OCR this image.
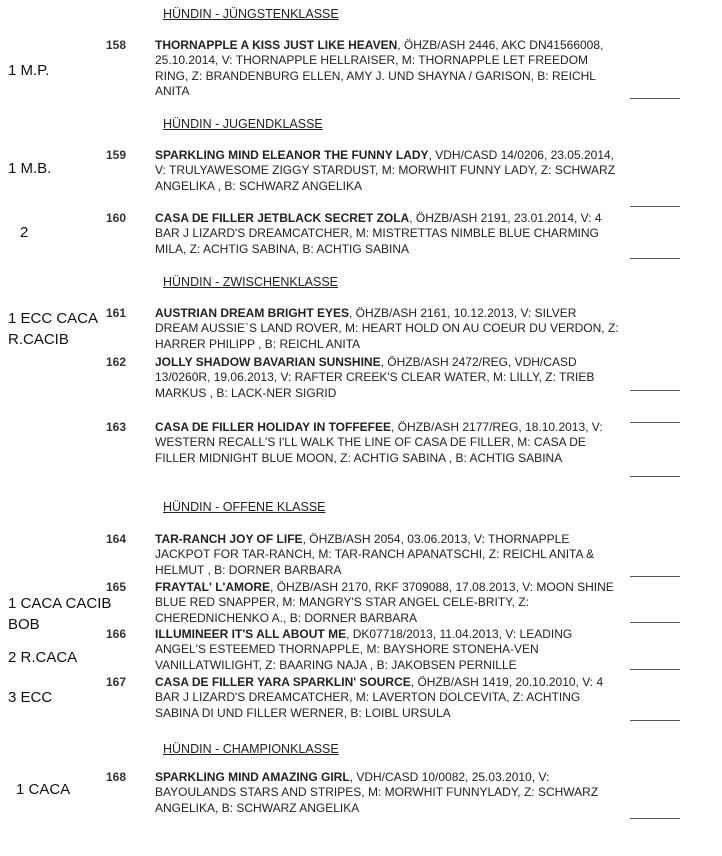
HÜNDIN - JÜNGSTENKLASSE
158 THORNAPPLE A KISS JUST LIKE HEAVEN, ÖHZB/ASH 2446, AKC DN41566008, 25.10.2014, V: THORNAPPLE HELLRAISER, M: THORNAPPLE LET FREEDOM RING, Z: BRANDENBURG ELLEN, AMY J. UND SHAYNA / GARISON, B: REICHL ANITA
1 M.P.
HÜNDIN - JUGENDKLASSE
159 SPARKLING MIND ELEANOR THE FUNNY LADY, VDH/CASD 14/0206, 23.05.2014, V: TRULYAWESOME ZIGGY STARDUST, M: MORWHIT FUNNY LADY, Z: SCHWARZ ANGELIKA , B: SCHWARZ ANGELIKA
1 M.B.
160 CASA DE FILLER JETBLACK SECRET ZOLA, ÖHZB/ASH 2191, 23.01.2014, V: 4 BAR J LIZARD'S DREAMCATCHER, M: MISTRETTAS NIMBLE BLUE CHARMING MILA, Z: ACHTIG SABINA, B: ACHTIG SABINA
2
HÜNDIN - ZWISCHENKLASSE
161 AUSTRIAN DREAM BRIGHT EYES, ÖHZB/ASH 2161, 10.12.2013, V: SILVER DREAM AUSSIE`S LAND ROVER, M: HEART HOLD ON AU COEUR DU VERDON, Z: HARRER PHILIPP , B: REICHL ANITA
1 ECC CACA R.CACIB
162 JOLLY SHADOW BAVARIAN SUNSHINE, ÖHZB/ASH 2472/REG, VDH/CASD 13/0260R, 19.06.2013, V: RAFTER CREEK'S CLEAR WATER, M: LILLY, Z: TRIEB MARKUS , B: LACK-NER SIGRID
163 CASA DE FILLER HOLIDAY IN TOFFEFEE, ÖHZB/ASH 2177/REG, 18.10.2013, V: WESTERN RECALL'S I'LL WALK THE LINE OF CASA DE FILLER, M: CASA DE FILLER MIDNIGHT BLUE MOON, Z: ACHTIG SABINA , B: ACHTIG SABINA
HÜNDIN - OFFENE KLASSE
164 TAR-RANCH JOY OF LIFE, ÖHZB/ASH 2054, 03.06.2013, V: THORNAPPLE JACKPOT FOR TAR-RANCH, M: TAR-RANCH APANATSCHI, Z: REICHL ANITA & HELMUT , B: DORNER BARBARA
165 FRAYTAL' L'AMORE, ÖHZB/ASH 2170, RKF 3709088, 17.08.2013, V: MOON SHINE BLUE RED SNAPPER, M: MANGRY'S STAR ANGEL CELE-BRITY, Z: CHEREDNICHENKO A., B: DORNER BARBARA
1 CACA CACIB BOB
166 ILLUMINEER IT'S ALL ABOUT ME, DK07718/2013, 11.04.2013, V: LEADING ANGEL'S ESTEEMED THORNAPPLE, M: BAYSHORE STONEHA-VEN VANILLATWILIGHT, Z: BAARING NAJA , B: JAKOBSEN PERNILLE
2 R.CACA
167 CASA DE FILLER YARA SPARKLIN' SOURCE, ÖHZB/ASH 1419, 20.10.2010, V: 4 BAR J LIZARD'S DREAMCATCHER, M: LAVERTON DOLCEVITA, Z: ACHTING SABINA DI UND FILLER WERNER, B: LOIBL URSULA
3 ECC
HÜNDIN - CHAMPIONKLASSE
168 SPARKLING MIND AMAZING GIRL, VDH/CASD 10/0082, 25.03.2010, V: BAYOULANDS STARS AND STRIPES, M: MORWHIT FUNNYLADY, Z: SCHWARZ ANGELIKA, B: SCHWARZ ANGELIKA
1 CACA
